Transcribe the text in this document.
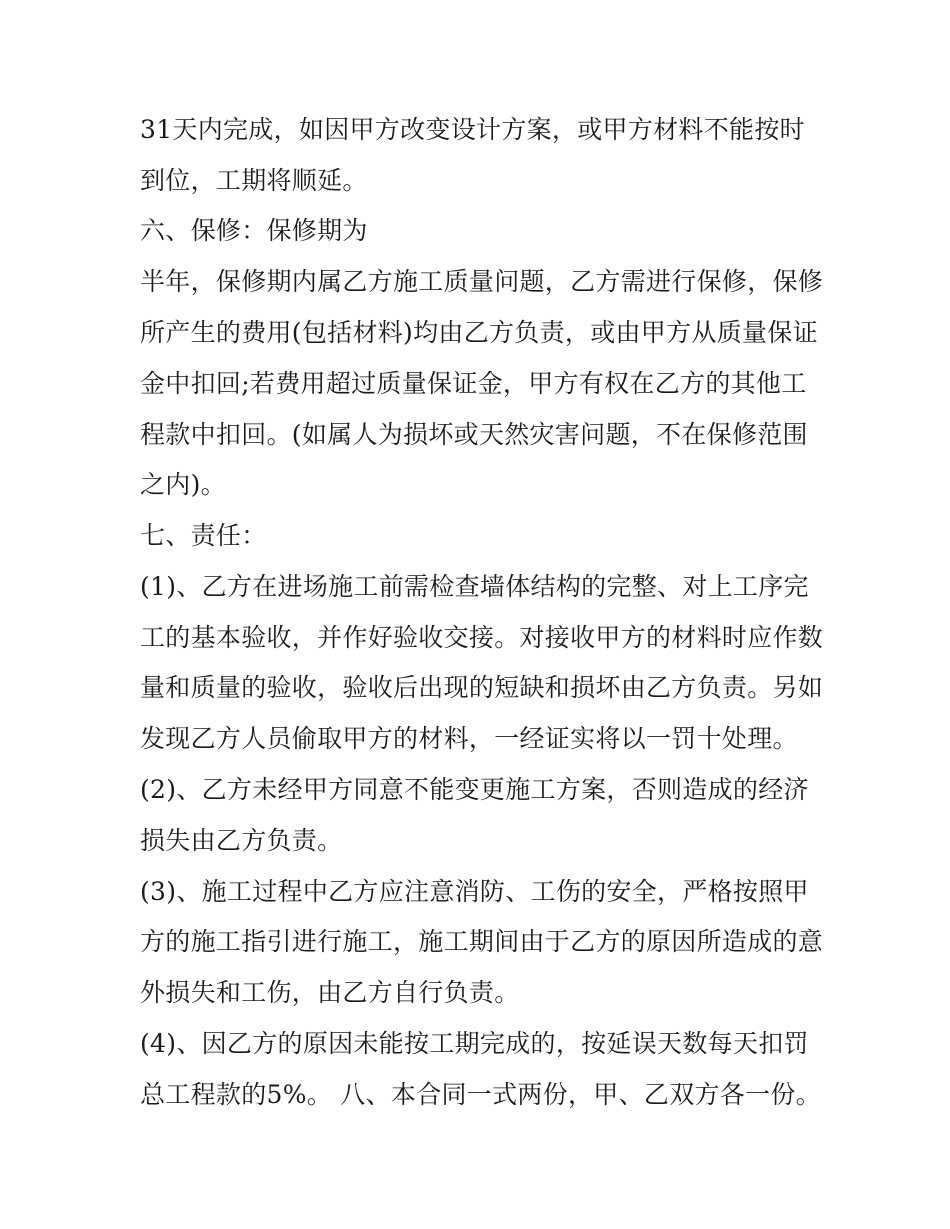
31天内完成，如因甲方改变设计方案，或甲方材料不能按时
到位，工期将顺延。
六、保修：保修期为
半年，保修期内属乙方施工质量问题，乙方需进行保修，保修
所产生的费用(包括材料)均由乙方负责，或由甲方从质量保证
金中扣回;若费用超过质量保证金，甲方有权在乙方的其他工
程款中扣回。(如属人为损坏或天然灾害问题，不在保修范围
之内)。
七、责任：
(1)、乙方在进场施工前需检查墙体结构的完整、对上工序完
工的基本验收，并作好验收交接。对接收甲方的材料时应作数
量和质量的验收，验收后出现的短缺和损坏由乙方负责。另如
发现乙方人员偷取甲方的材料，一经证实将以一罚十处理。
(2)、乙方未经甲方同意不能变更施工方案，否则造成的经济
损失由乙方负责。
(3)、施工过程中乙方应注意消防、工伤的安全，严格按照甲
方的施工指引进行施工，施工期间由于乙方的原因所造成的意
外损失和工伤，由乙方自行负责。
(4)、因乙方的原因未能按工期完成的，按延误天数每天扣罚
总工程款的5%。 八、本合同一式两份，甲、乙双方各一份。
